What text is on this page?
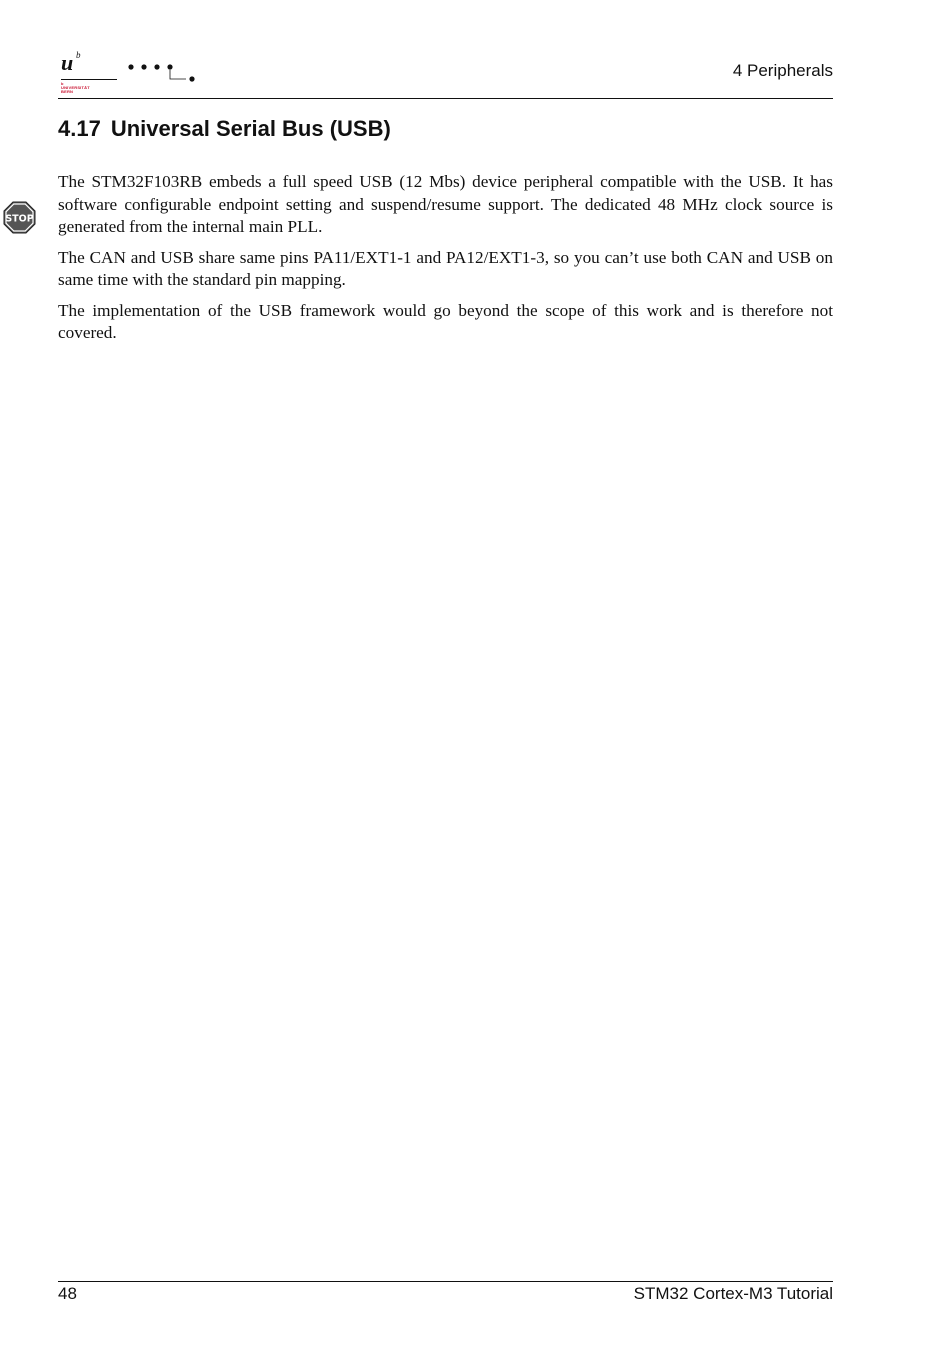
u b
b
UNIVERSITÄT
BERN
4 Peripherals
4.17 Universal Serial Bus (USB)
STOP

The STM32F103RB embeds a full speed USB (12 Mbs) device peripheral compatible with the USB. It has software configurable endpoint setting and suspend/resume support. The dedicated 48 MHz clock source is generated from the internal main PLL.

The CAN and USB share same pins PA11/EXT1-1 and PA12/EXT1-3, so you can’t use both CAN and USB on same time with the standard pin mapping.

The implementation of the USB framework would go beyond the scope of this work and is therefore not covered.

48	STM32 Cortex-M3 Tutorial
